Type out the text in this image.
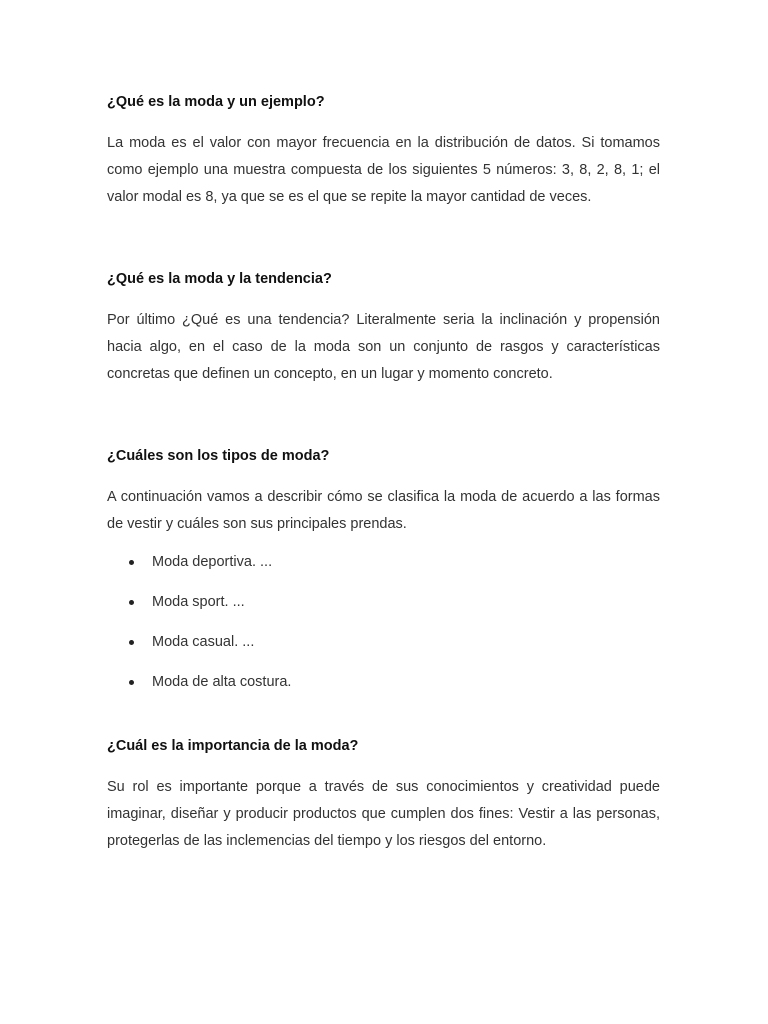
¿Qué es la moda y un ejemplo?

La moda es el valor con mayor frecuencia en la distribución de datos. Si tomamos como ejemplo una muestra compuesta de los siguientes 5 números: 3, 8, 2, 8, 1; el valor modal es 8, ya que se es el que se repite la mayor cantidad de veces.

¿Qué es la moda y la tendencia?

Por último ¿Qué es una tendencia? Literalmente seria la inclinación y propensión hacia algo, en el caso de la moda son un conjunto de rasgos y características concretas que definen un concepto, en un lugar y momento concreto.

¿Cuáles son los tipos de moda?

A continuación vamos a describir cómo se clasifica la moda de acuerdo a las formas de vestir y cuáles son sus principales prendas.

Moda deportiva. ...
Moda sport. ...
Moda casual. ...
Moda de alta costura.
¿Cuál es la importancia de la moda?

Su rol es importante porque a través de sus conocimientos y creatividad puede imaginar, diseñar y producir productos que cumplen dos fines: Vestir a las personas, protegerlas de las inclemencias del tiempo y los riesgos del entorno.
